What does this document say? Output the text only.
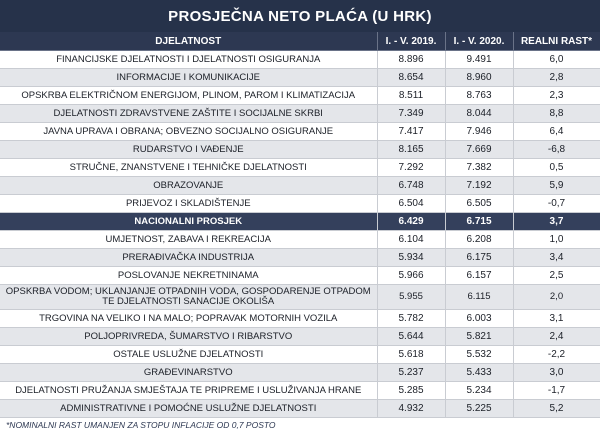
PROSJEČNA NETO PLAĆA (U HRK)
DJELATNOST	I. - V. 2019.	I. - V. 2020.	REALNI RAST*
FINANCIJSKE DJELATNOSTI I DJELATNOSTI OSIGURANJA	8.896	9.491	6,0
INFORMACIJE I KOMUNIKACIJE	8.654	8.960	2,8
OPSKRBA ELEKTRIČNOM ENERGIJOM, PLINOM, PAROM I KLIMATIZACIJA	8.511	8.763	2,3
DJELATNOSTI ZDRAVSTVENE ZAŠTITE I SOCIJALNE SKRBI	7.349	8.044	8,8
JAVNA UPRAVA I OBRANA; OBVEZNO SOCIJALNO OSIGURANJE	7.417	7.946	6,4
RUDARSTVO I VAĐENJE	8.165	7.669	-6,8
STRUČNE, ZNANSTVENE I TEHNIČKE DJELATNOSTI	7.292	7.382	0,5
OBRAZOVANJE	6.748	7.192	5,9
PRIJEVOZ I SKLADIŠTENJE	6.504	6.505	-0,7
NACIONALNI PROSJEK	6.429	6.715	3,7
UMJETNOST, ZABAVA I REKREACIJA	6.104	6.208	1,0
PRERAĐIVAČKA INDUSTRIJA	5.934	6.175	3,4
POSLOVANJE NEKRETNINAMA	5.966	6.157	2,5
OPSKRBA VODOM; UKLANJANJE OTPADNIH VODA, GOSPODARENJE OTPADOM TE DJELATNOSTI SANACIJE OKOLIŠA	5.955	6.115	2,0
TRGOVINA NA VELIKO I NA MALO; POPRAVAK MOTORNIH VOZILA	5.782	6.003	3,1
POLJOPRIVREDA, ŠUMARSTVO I RIBARSTVO	5.644	5.821	2,4
OSTALE USLUŽNE DJELATNOSTI	5.618	5.532	-2,2
GRAĐEVINARSTVO	5.237	5.433	3,0
DJELATNOSTI PRUŽANJA SMJEŠTAJA TE PRIPREME I USLUŽIVANJA HRANE	5.285	5.234	-1,7
ADMINISTRATIVNE I POMOĆNE USLUŽNE DJELATNOSTI	4.932	5.225	5,2
*NOMINALNI RAST UMANJEN ZA STOPU INFLACIJE OD 0,7 POSTO
